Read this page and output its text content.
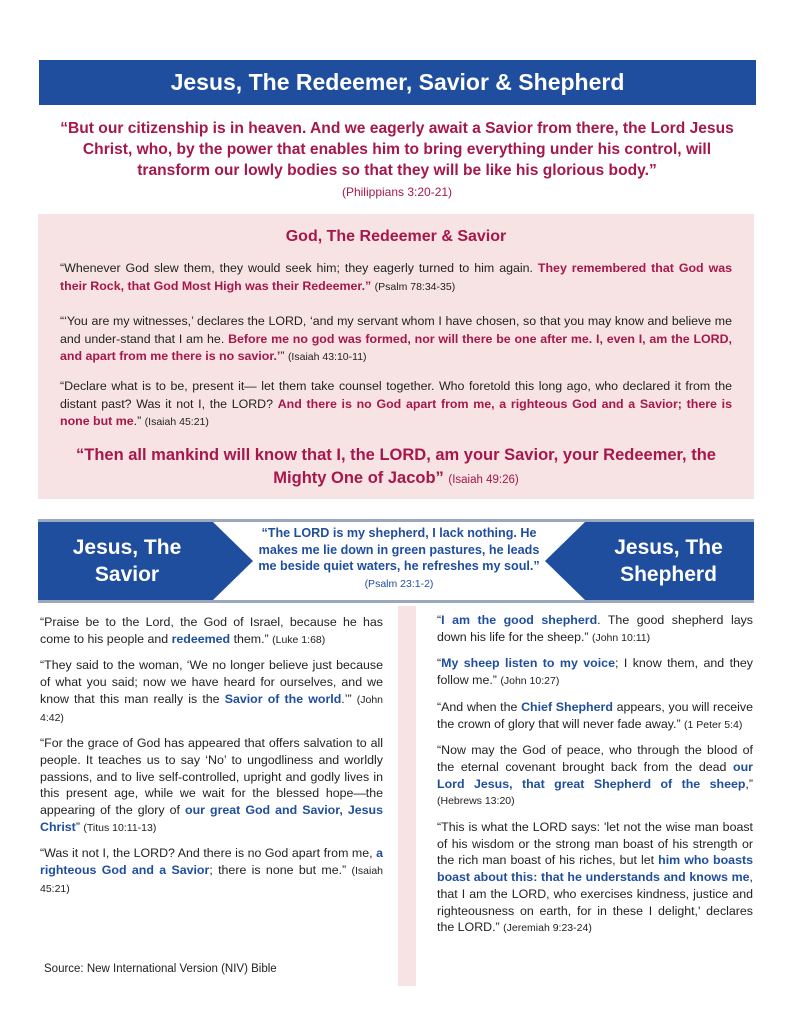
Jesus, The Redeemer, Savior & Shepherd
“But our citizenship is in heaven. And we eagerly await a Savior from there, the Lord Jesus Christ, who, by the power that enables him to bring everything under his control, will transform our lowly bodies so that they will be like his glorious body.”
(Philippians 3:20-21)
God, The Redeemer & Savior
“Whenever God slew them, they would seek him; they eagerly turned to him again. They remembered that God was their Rock, that God Most High was their Redeemer.” (Psalm 78:34-35)
“‘You are my witnesses,’ declares the LORD, ‘and my servant whom I have chosen, so that you may know and believe me and under-stand that I am he. Before me no god was formed, nor will there be one after me. I, even I, am the LORD, and apart from me there is no savior.’” (Isaiah 43:10-11)
“Declare what is to be, present it— let them take counsel together. Who foretold this long ago, who declared it from the distant past? Was it not I, the LORD? And there is no God apart from me, a righteous God and a Savior; there is none but me.” (Isaiah 45:21)
“Then all mankind will know that I, the LORD, am your Savior, your Redeemer, the Mighty One of Jacob” (Isaiah 49:26)
Jesus, The
Savior
Jesus, The
Shepherd
“The LORD is my shepherd, I lack nothing. He makes me lie down in green pastures, he leads me beside quiet waters, he refreshes my soul.” (Psalm 23:1-2)

“Praise be to the Lord, the God of Israel, because he has come to his people and redeemed them.” (Luke 1:68)

“They said to the woman, ‘We no longer believe just because of what you said; now we have heard for ourselves, and we know that this man really is the Savior of the world.’” (John 4:42)

“For the grace of God has appeared that offers salvation to all people. It teaches us to say ‘No’ to ungodliness and worldly passions, and to live self-controlled, upright and godly lives in this present age, while we wait for the blessed hope—the appearing of the glory of our great God and Savior, Jesus Christ” (Titus 10:11-13)

“Was it not I, the LORD? And there is no God apart from me, a righteous God and a Savior; there is none but me.” (Isaiah 45:21)

“I am the good shepherd. The good shepherd lays down his life for the sheep.” (John 10:11)

“My sheep listen to my voice; I know them, and they follow me.” (John 10:27)

“And when the Chief Shepherd appears, you will receive the crown of glory that will never fade away.” (1 Peter 5:4)

“Now may the God of peace, who through the blood of the eternal covenant brought back from the dead our Lord Jesus, that great Shepherd of the sheep,” (Hebrews 13:20)

“This is what the LORD says: 'let not the wise man boast of his wisdom or the strong man boast of his strength or the rich man boast of his riches, but let him who boasts boast about this: that he understands and knows me, that I am the LORD, who exercises kindness, justice and righteousness on earth, for in these I delight,' declares the LORD.” (Jeremiah 9:23-24)

Source: New International Version (NIV) Bible
